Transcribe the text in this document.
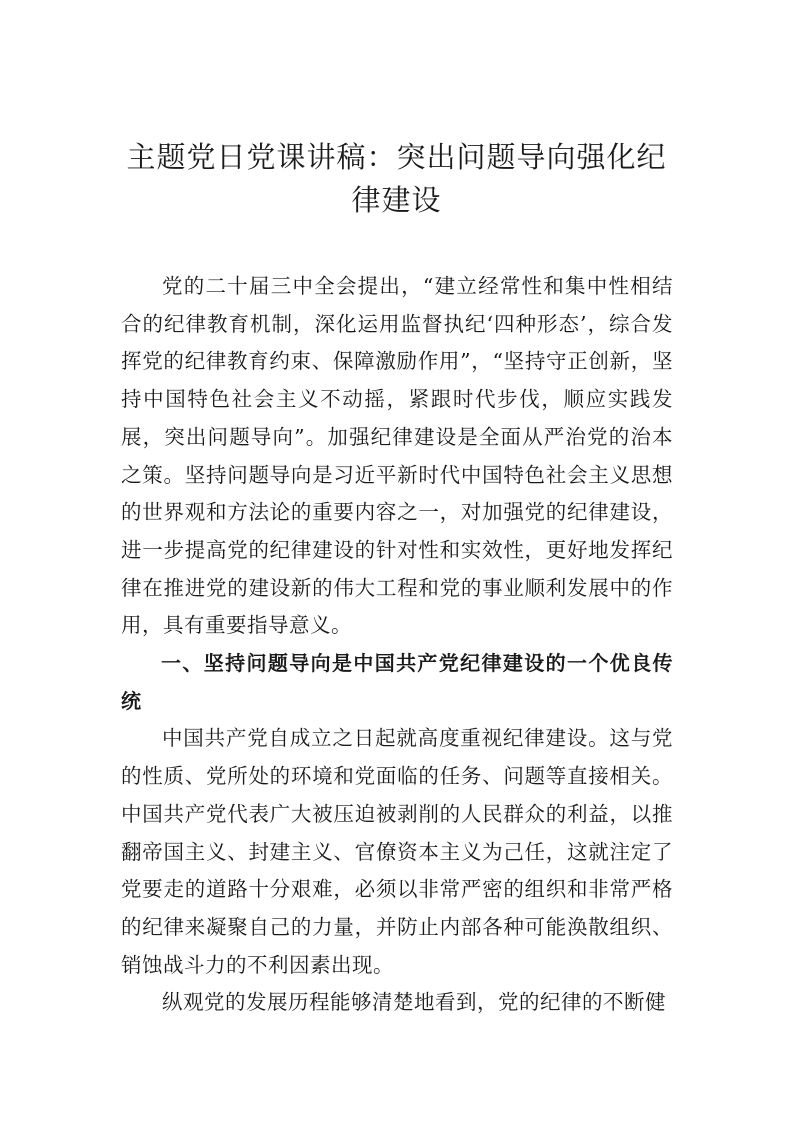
主题党日党课讲稿：突出问题导向强化纪律建设

党的二十届三中全会提出，“建立经常性和集中性相结合的纪律教育机制，深化运用监督执纪‘四种形态’，综合发挥党的纪律教育约束、保障激励作用”，“坚持守正创新，坚持中国特色社会主义不动摇，紧跟时代步伐，顺应实践发展，突出问题导向”。加强纪律建设是全面从严治党的治本之策。坚持问题导向是习近平新时代中国特色社会主义思想的世界观和方法论的重要内容之一，对加强党的纪律建设，进一步提高党的纪律建设的针对性和实效性，更好地发挥纪律在推进党的建设新的伟大工程和党的事业顺利发展中的作用，具有重要指导意义。

一、坚持问题导向是中国共产党纪律建设的一个优良传统

中国共产党自成立之日起就高度重视纪律建设。这与党的性质、党所处的环境和党面临的任务、问题等直接相关。中国共产党代表广大被压迫被剥削的人民群众的利益，以推翻帝国主义、封建主义、官僚资本主义为己任，这就注定了党要走的道路十分艰难，必须以非常严密的组织和非常严格的纪律来凝聚自己的力量，并防止内部各种可能涣散组织、销蚀战斗力的不利因素出现。

纵观党的发展历程能够清楚地看到，党的纪律的不断健
